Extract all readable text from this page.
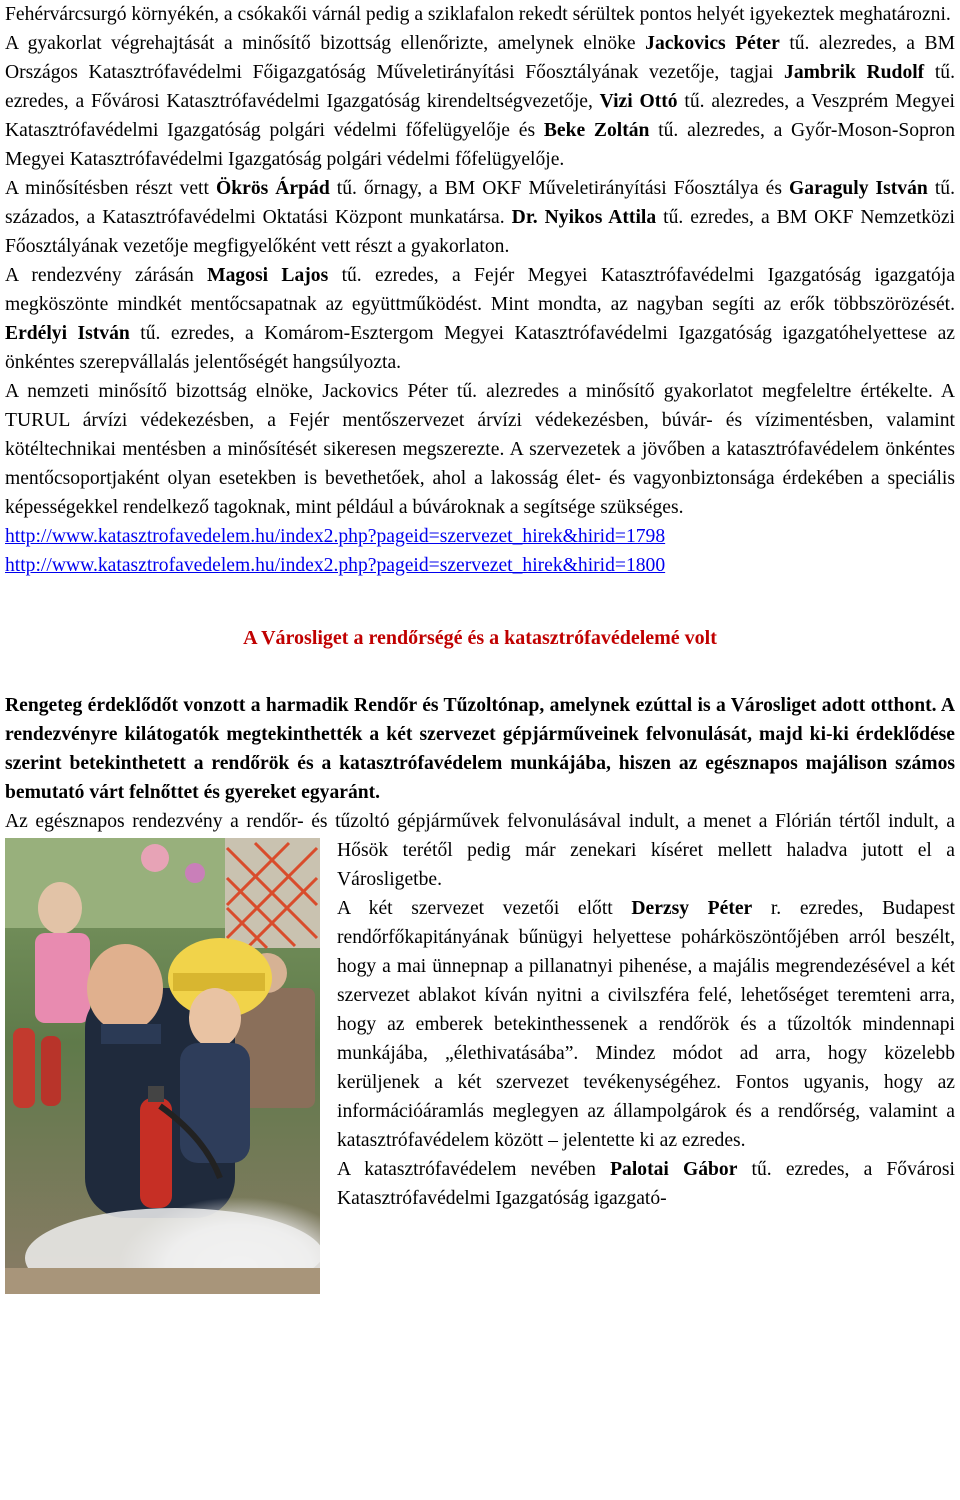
Fehérvárcsurgó környékén, a csókakői várnál pedig a sziklafalon rekedt sérültek pontos helyét igyekeztek meghatározni.

A gyakorlat végrehajtását a minősítő bizottság ellenőrizte, amelynek elnöke Jackovics Péter tű. alezredes, a BM Országos Katasztrófavédelmi Főigazgatóság Műveletirányítási Főosztályának vezetője, tagjai Jambrik Rudolf tű. ezredes, a Fővárosi Katasztrófavédelmi Igazgatóság kirendeltségvezetője, Vizi Ottó tű. alezredes, a Veszprém Megyei Katasztrófavédelmi Igazgatóság polgári védelmi főfelügyelője és Beke Zoltán tű. alezredes, a Győr-Moson-Sopron Megyei Katasztrófavédelmi Igazgatóság polgári védelmi főfelügyelője.

A minősítésben részt vett Ökrös Árpád tű. őrnagy, a BM OKF Műveletirányítási Főosztálya és Garaguly István tű. százados, a Katasztrófavédelmi Oktatási Központ munkatársa. Dr. Nyikos Attila tű. ezredes, a BM OKF Nemzetközi Főosztályának vezetője megfigyelőként vett részt a gyakorlaton.

A rendezvény zárásán Magosi Lajos tű. ezredes, a Fejér Megyei Katasztrófavédelmi Igazgatóság igazgatója megköszönte mindkét mentőcsapatnak az együttműködést. Mint mondta, az nagyban segíti az erők többszörözését. Erdélyi István tű. ezredes, a Komárom-Esztergom Megyei Katasztrófavédelmi Igazgatóság igazgatóhelyettese az önkéntes szerepvállalás jelentőségét hangsúlyozta.

A nemzeti minősítő bizottság elnöke, Jackovics Péter tű. alezredes a minősítő gyakorlatot megfeleltre értékelte. A TURUL árvízi védekezésben, a Fejér mentőszervezet árvízi védekezésben, búvár- és vízimentésben, valamint kötéltechnikai mentésben a minősítését sikeresen megszerezte. A szervezetek a jövőben a katasztrófavédelem önkéntes mentőcsoportjaként olyan esetekben is bevethetőek, ahol a lakosság élet- és vagyonbiztonsága érdekében a speciális képességekkel rendelkező tagoknak, mint például a búvároknak a segítsége szükséges.

http://www.katasztrofavedelem.hu/index2.php?pageid=szervezet_hirek&hirid=1798
http://www.katasztrofavedelem.hu/index2.php?pageid=szervezet_hirek&hirid=1800
A Városliget a rendőrségé és a katasztrófavédelemé volt

Rengeteg érdeklődőt vonzott a harmadik Rendőr és Tűzoltónap, amelynek ezúttal is a Városliget adott otthont. A rendezvényre kilátogatók megtekinthették a két szervezet gépjárműveinek felvonulását, majd ki-ki érdeklődése szerint betekinthetett a rendőrök és a katasztrófavédelem munkájába, hiszen az egésznapos majálison számos bemutató várt felnőttet és gyereket egyaránt.

Az egésznapos rendezvény a rendőr- és tűzoltó gépjárművek felvonulásával indult, a menet a Flórián tértől indult, a

Hősök terétől pedig már zenekari kíséret mellett haladva jutott el a Városligetbe.

A két szervezet vezetői előtt Derzsy Péter r. ezredes, Budapest rendőrfőkapitányának bűnügyi helyettese pohárköszöntőjében arról beszélt, hogy a mai ünnepnap a pillanatnyi pihenése, a majális megrendezésével a két szervezet ablakot kíván nyitni a civilszféra felé, lehetőséget teremteni arra, hogy az emberek betekinthessenek a rendőrök és a tűzoltók mindennapi munkájába, „élethivatásába”. Mindez módot ad arra, hogy közelebb kerüljenek a két szervezet tevékenységéhez. Fontos ugyanis, hogy az információáramlás meglegyen az állampolgárok és a rendőrség, valamint a katasztrófavédelem között – jelentette ki az ezredes.

A katasztrófavédelem nevében Palotai Gábor tű. ezredes, a Fővárosi Katasztrófavédelmi Igazgatóság igazgató-
